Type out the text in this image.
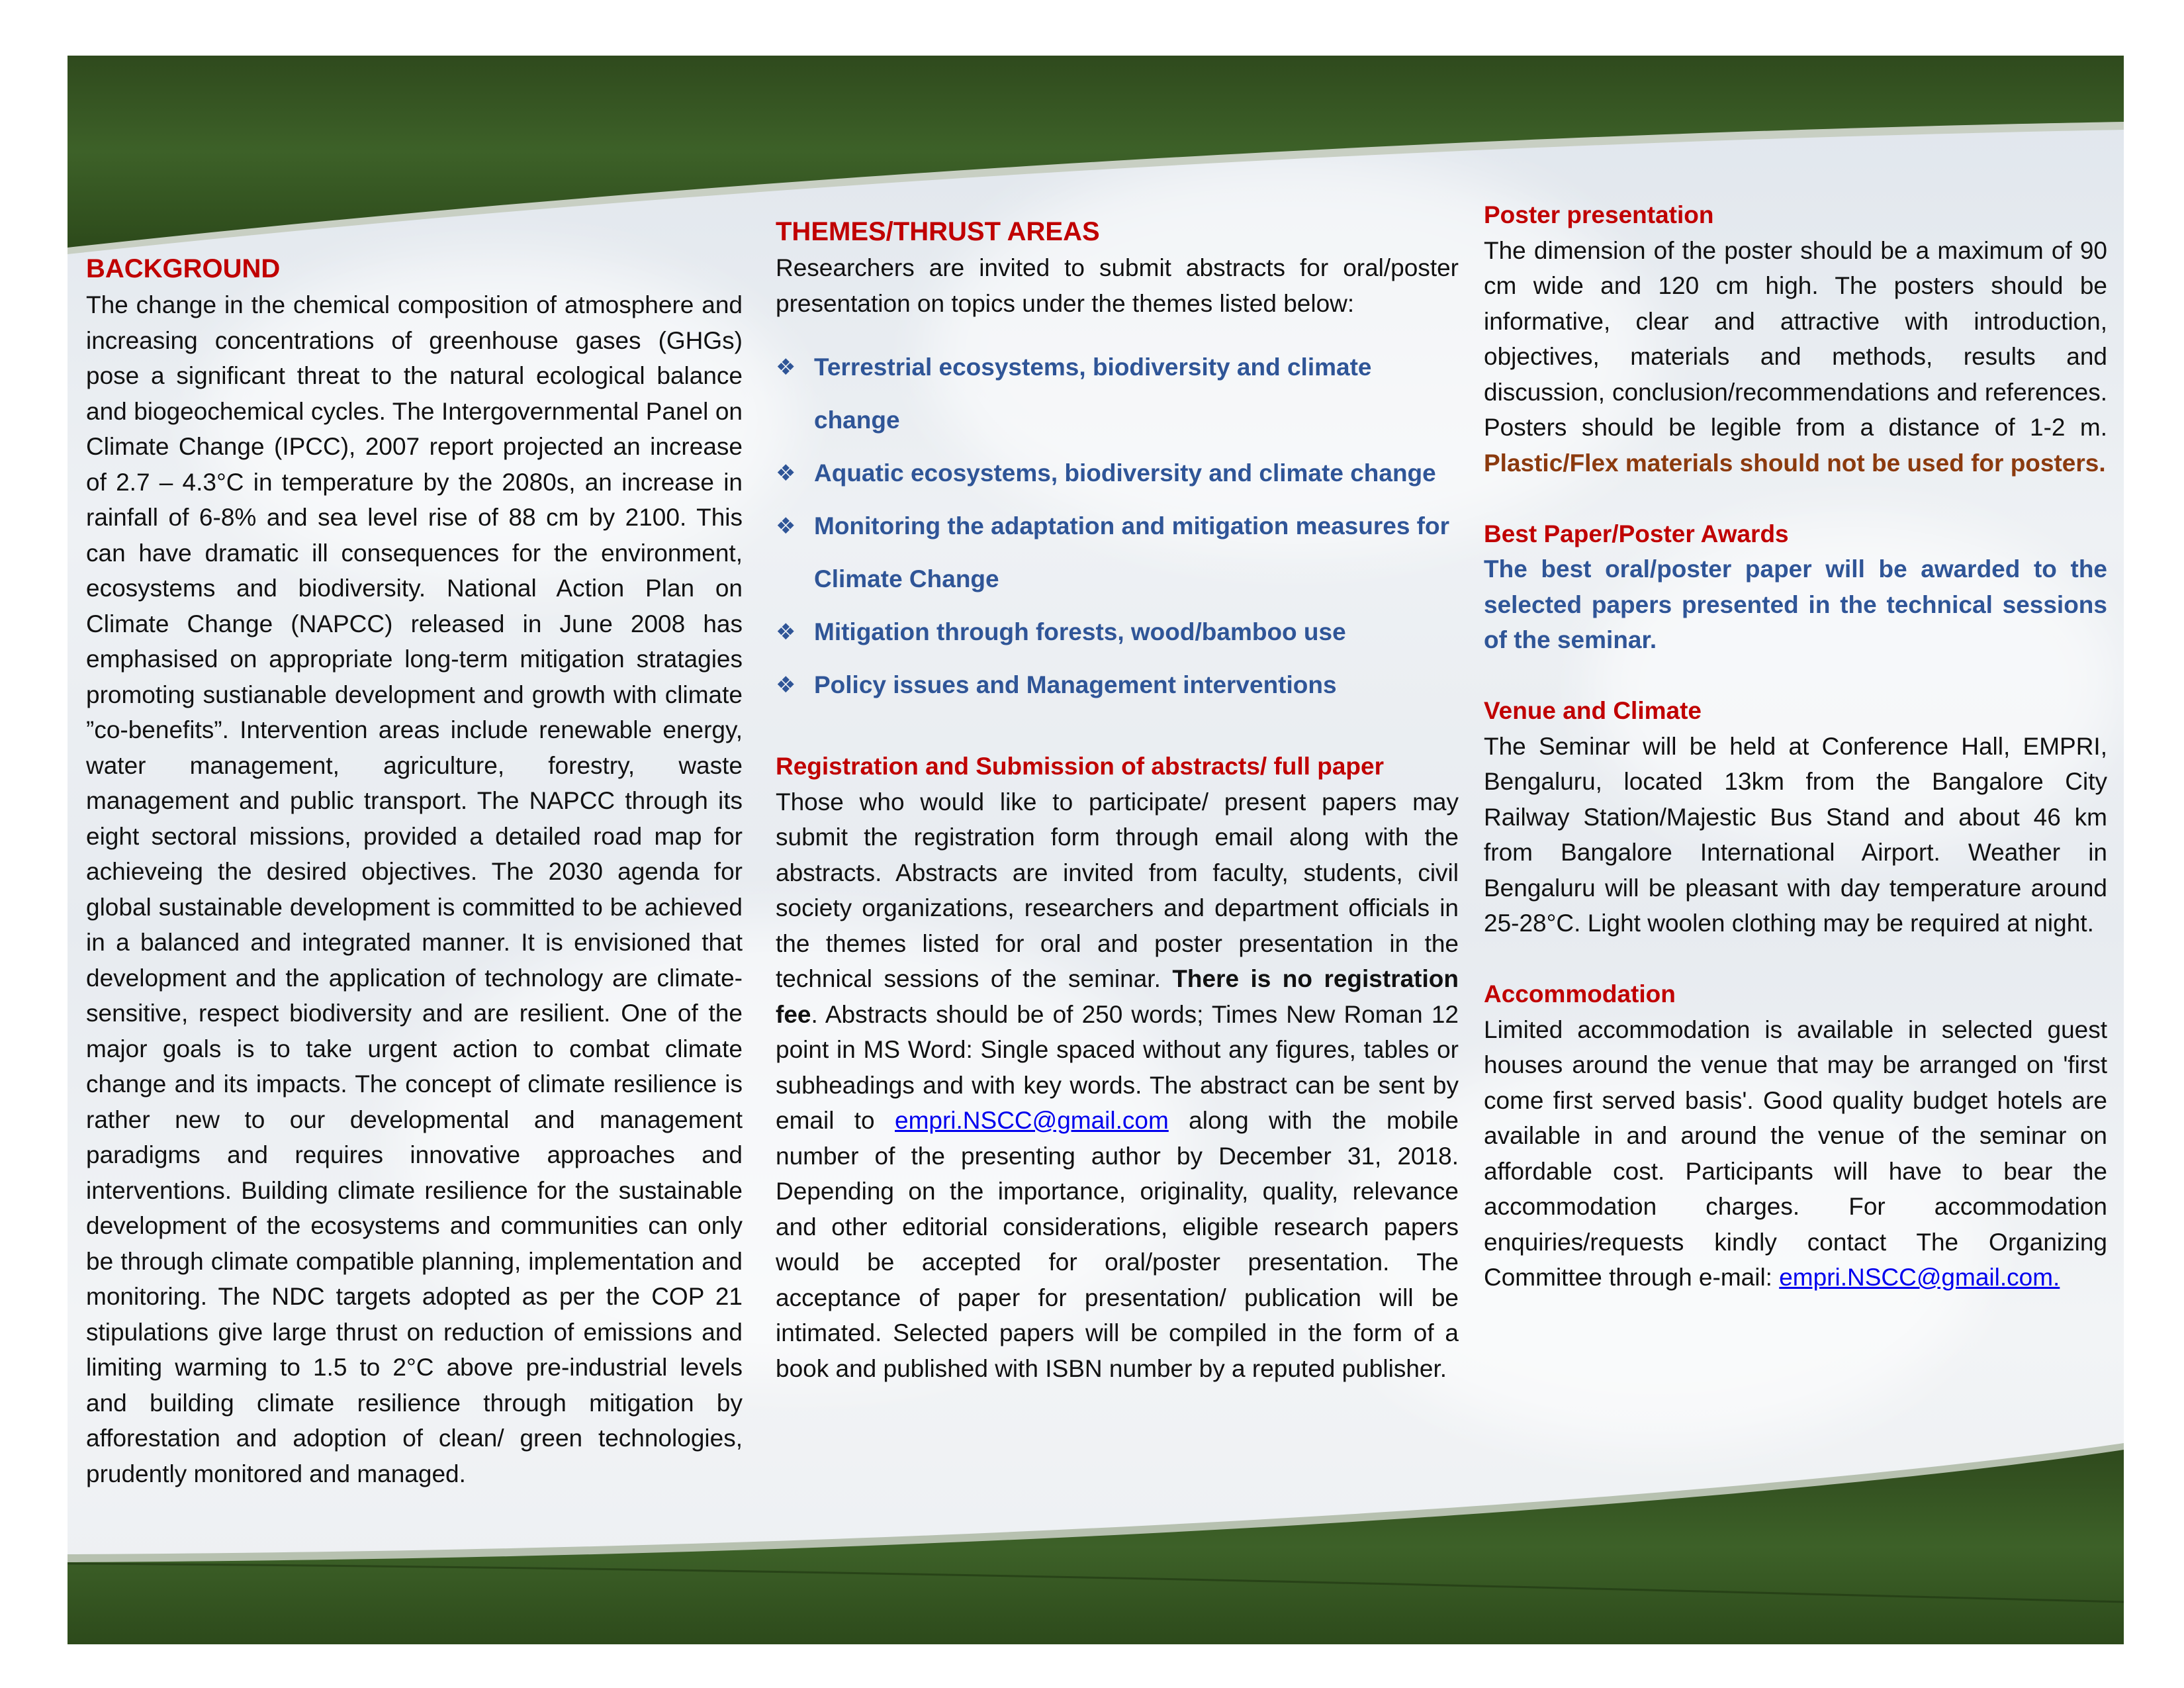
BACKGROUND

The change in the chemical composition of atmosphere and increasing concentrations of greenhouse gases (GHGs) pose a significant threat to the natural ecological balance and biogeochemical cycles. The Intergovernmental Panel on Climate Change (IPCC), 2007 report projected an increase of 2.7 – 4.3°C in temperature by the 2080s, an increase in rainfall of 6-8% and sea level rise of 88 cm by 2100. This can have dramatic ill consequences for the environment, ecosystems and biodiversity. National Action Plan on Climate Change (NAPCC) released in June 2008 has emphasised on appropriate long-term mitigation stratagies promoting sustianable development and growth with climate ”co-benefits”. Intervention areas include renewable energy, water management, agriculture, forestry, waste management and public transport. The NAPCC through its eight sectoral missions, provided a detailed road map for achieveing the desired objectives. The 2030 agenda for global sustainable development is committed to be achieved in a balanced and integrated manner. It is envisioned that development and the application of technology are climate-sensitive, respect biodiversity and are resilient. One of the major goals is to take urgent action to combat climate change and its impacts. The concept of climate resilience is rather new to our developmental and management paradigms and requires innovative approaches and interventions. Building climate resilience for the sustainable development of the ecosystems and communities can only be through climate compatible planning, implementation and monitoring. The NDC targets adopted as per the COP 21 stipulations give large thrust on reduction of emissions and limiting warming to 1.5 to 2°C above pre-industrial levels and building climate resilience through mitigation by afforestation and adoption of clean/ green technologies, prudently monitored and managed.

THEMES/THRUST AREAS

Researchers are invited to submit abstracts for oral/poster presentation on topics under the themes listed below:

❖ Terrestrial ecosystems, biodiversity and climate change
❖ Aquatic ecosystems, biodiversity and climate change
❖ Monitoring the adaptation and mitigation measures for Climate Change
❖ Mitigation through forests, wood/bamboo use
❖ Policy issues and Management interventions

Registration and Submission of abstracts/ full paper

Those who would like to participate/ present papers may submit the registration form through email along with the abstracts. Abstracts are invited from faculty, students, civil society organizations, researchers and department officials in the themes listed for oral and poster presentation in the technical sessions of the seminar. There is no registration fee. Abstracts should be of 250 words; Times New Roman 12 point in MS Word: Single spaced without any figures, tables or subheadings and with key words. The abstract can be sent by email to empri.NSCC@gmail.com along with the mobile number of the presenting author by December 31, 2018. Depending on the importance, originality, quality, relevance and other editorial considerations, eligible research papers would be accepted for oral/poster presentation. The acceptance of paper for presentation/ publication will be intimated. Selected papers will be compiled in the form of a book and published with ISBN number by a reputed publisher.

Poster presentation

The dimension of the poster should be a maximum of 90 cm wide and 120 cm high. The posters should be informative, clear and attractive with introduction, objectives, materials and methods, results and discussion, conclusion/recommendations and references. Posters should be legible from a distance of 1-2 m. Plastic/Flex materials should not be used for posters.

Best Paper/Poster Awards

The best oral/poster paper will be awarded to the selected papers presented in the technical sessions of the seminar.

Venue and Climate

The Seminar will be held at Conference Hall, EMPRI, Bengaluru, located 13km from the Bangalore City Railway Station/Majestic Bus Stand and about 46 km from Bangalore International Airport. Weather in Bengaluru will be pleasant with day temperature around 25-28°C. Light woolen clothing may be required at night.

Accommodation

Limited accommodation is available in selected guest houses around the venue that may be arranged on 'first come first served basis'. Good quality budget hotels are available in and around the venue of the seminar on affordable cost. Participants will have to bear the accommodation charges. For accommodation enquiries/requests kindly contact The Organizing Committee through e-mail: empri.NSCC@gmail.com.
